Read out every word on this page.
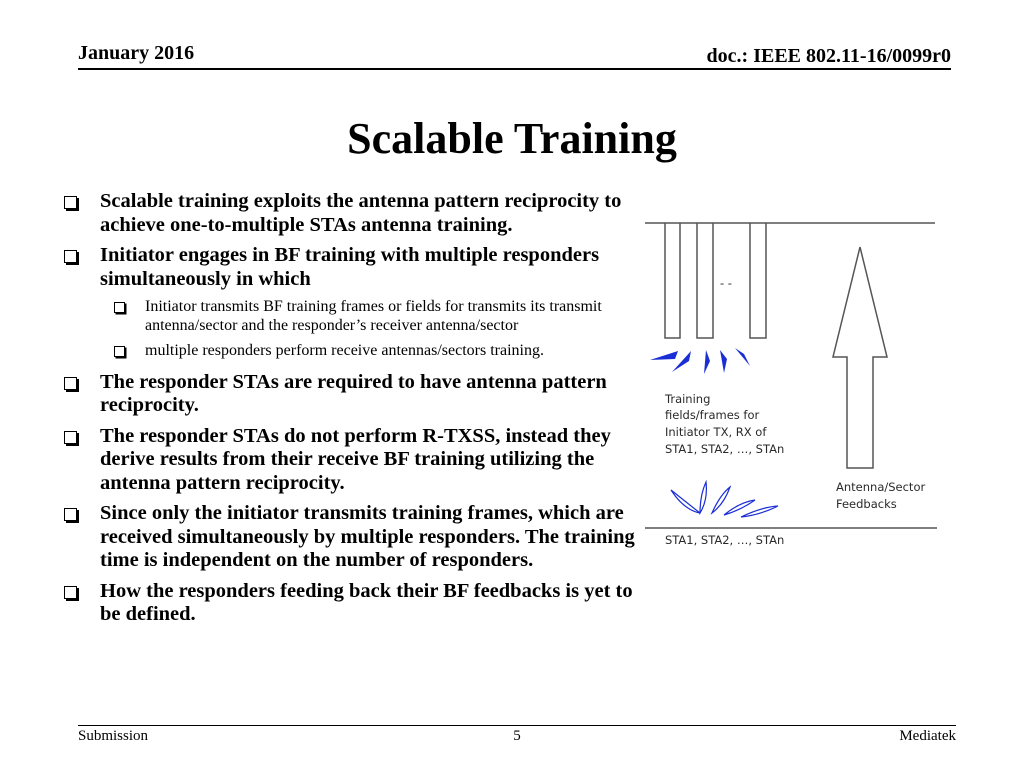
January 2016	doc.: IEEE 802.11-16/0099r0
Scalable Training
Scalable training exploits the antenna pattern reciprocity to achieve one-to-multiple STAs antenna training.
Initiator engages in BF training with multiple responders simultaneously in which
Initiator transmits BF training frames or fields for transmits its transmit antenna/sector and the responder’s receiver antenna/sector
multiple responders perform receive antennas/sectors training.
The responder STAs are required to have antenna pattern reciprocity.
The responder STAs do not perform R-TXSS, instead they derive results from their receive BF training utilizing the antenna pattern reciprocity.
Since only the initiator transmits training frames, which are received simultaneously by multiple responders. The training time is independent on the number of responders.
How the responders feeding back their BF feedbacks is yet to be defined.
- -
Training
fields/frames for
Initiator TX, RX of
STA1, STA2, …, STAn
Antenna/Sector
Feedbacks
STA1, STA2, …, STAn
Submission	5	Mediatek
